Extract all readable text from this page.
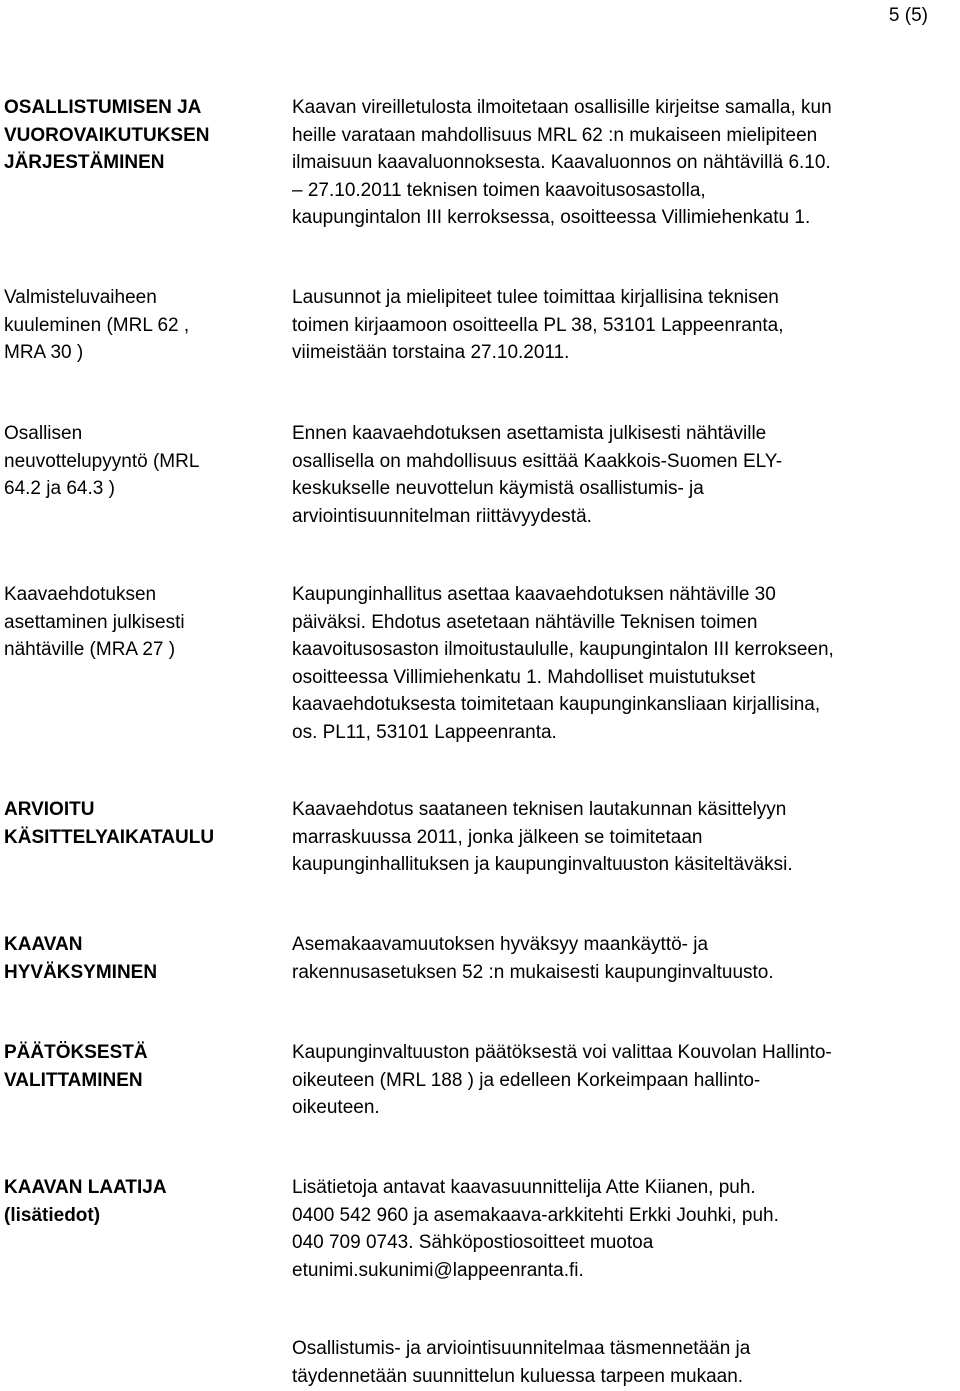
5 (5)
OSALLISTUMISEN JA
VUOROVAIKUTUKSEN
JÄRJESTÄMINEN
Kaavan vireilletulosta ilmoitetaan osallisille kirjeitse samalla, kun
heille varataan mahdollisuus MRL 62 :n mukaiseen mielipiteen
ilmaisuun kaavaluonnoksesta. Kaavaluonnos on nähtävillä 6.10.
– 27.10.2011 teknisen toimen kaavoitusosastolla,
kaupungintalon III kerroksessa, osoitteessa Villimiehenkatu 1.
Valmisteluvaiheen
kuuleminen (MRL 62 ,
MRA 30 )
Lausunnot ja mielipiteet tulee toimittaa kirjallisina teknisen
toimen kirjaamoon osoitteella PL 38, 53101 Lappeenranta,
viimeistään torstaina 27.10.2011.
Osallisen
neuvottelupyyntö (MRL
64.2 ja 64.3 )
Ennen kaavaehdotuksen asettamista julkisesti nähtäville
osallisella on mahdollisuus esittää Kaakkois-Suomen ELY-
keskukselle neuvottelun käymistä osallistumis- ja
arviointisuunnitelman riittävyydestä.
Kaavaehdotuksen
asettaminen julkisesti
nähtäville (MRA 27 )
Kaupunginhallitus asettaa kaavaehdotuksen nähtäville 30
päiväksi. Ehdotus asetetaan nähtäville Teknisen toimen
kaavoitusosaston ilmoitustaululle, kaupungintalon III kerrokseen,
osoitteessa Villimiehenkatu 1. Mahdolliset muistutukset
kaavaehdotuksesta toimitetaan kaupunginkansliaan kirjallisina,
os. PL11, 53101 Lappeenranta.
ARVIOITU
KÄSITTELYAIKATAULU
Kaavaehdotus saataneen teknisen lautakunnan käsittelyyn
marraskuussa 2011, jonka jälkeen se toimitetaan
kaupunginhallituksen ja kaupunginvaltuuston käsiteltäväksi.
KAAVAN
HYVÄKSYMINEN
Asemakaavamuutoksen hyväksyy maankäyttö- ja
rakennusasetuksen 52 :n mukaisesti kaupunginvaltuusto.
PÄÄTÖKSESTÄ
VALITTAMINEN
Kaupunginvaltuuston päätöksestä voi valittaa Kouvolan Hallinto-
oikeuteen (MRL 188 ) ja edelleen Korkeimpaan hallinto-
oikeuteen.
KAAVAN LAATIJA
(lisätiedot)
Lisätietoja antavat kaavasuunnittelija Atte Kiianen, puh.
0400 542 960 ja asemakaava-arkkitehti Erkki Jouhki, puh.
040 709 0743. Sähköpostiosoitteet muotoa
etunimi.sukunimi@lappeenranta.fi.
Osallistumis- ja arviointisuunnitelmaa täsmennetään ja
täydennetään suunnittelun kuluessa tarpeen mukaan.
